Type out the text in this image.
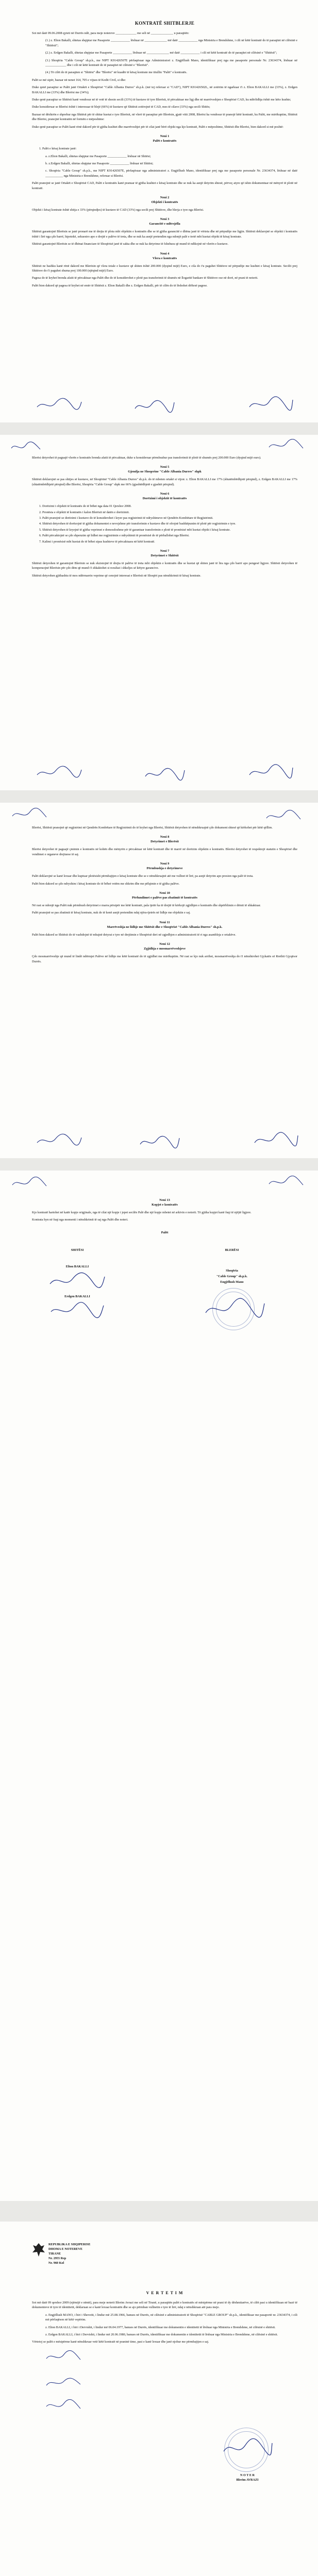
KONTRATË SHITBLERJE

Sot më datë 09.06.2008 qyteti në Durrës ndë, para meje notereve _____________ me seli në ______________ u paraqitën:

(1.) z. Elton Bakalli, shtetas shqiptar me Pasaporte ____________ lëshuar në ______________ më datë ____________ nga Ministria e Brendshme, i cili në këtë kontratë do të paraqitet në cilësinë e "Shitësit";

(2.) z. Erdgen Bakalli, shtetas shqiptar me Pasaporte ____________ lëshuar në ______________ më datë ____________ i cili në këtë kontratë do të paraqitet në cilësinë e "Shitësit";

(3.) Shoqëria "Cable Group" sh.p.k., me NIPT K91426507E përfaqësuar nga Administratori z. Engjëllush Mano, identifikuar prej nga me pasaporte personale Nr. 23634374, lëshuar në _____________ dhe i cili në këtë kontratë do të paraqitet në cilësinë e "Blerësit".

(4.) Të cilët do të paraqiten si "Shitësi" dhe "Blerësi" në kuadër të kësaj kontrate me titullin "Palët" e kontratës.

Palët se më sipër, bazuar në nenet 164, 705 e vijues të Kodit Civil, si dhe:

Duke qenë paraqitur se Palët janë Ortakët e Shoqërisë "Cable Albania Durres" sh.p.k. (më tej referuar si "CAD"), NIPT K91426502L, në zotërim të ngarkuar t'i z. Elton BAKALLI me (33%), z. Erdgen BAKALLI me (33%) dhe Blerësi me (34%);

Duke qenë paraqitur se Shitësit kanë vendosur në të vetë të shesin secili (33%) të kuotave të tyre Blerësit, të përcaktuar me ligj dhe në marrëveshjen e Shoqërisë CAD, ku ndërlidhja është me këto kushte;

Duke konsideruar se Blerësi është i interesuar të blejë (66%) të kuotave që Shitësit zotërojnë të CAD, mes të cilave (33%) nga secili Shitës;

Bazuar në dëshirën e shprehur nga Shitësit për të shitur kuotat e tyre Blerësit, në vlerë të paraqitur për Blerësin, gjatë vitit 2008, Blerësi ka vendosur të pranojë këtë kontratë, ku Palët, me mirëkuptim, Shitësit dhe Blerësi, pranojnë kontratën në formën e mëposhtme:

Duke qenë paraqitur se Palët kanë rënë dakord për të gjitha kushtet dhe marrëveshjet për të cilat janë bërë objekt nga kjo kontratë, Palët e mëposhtme, Shitësit dhe Blerësi, bien dakord si më poshtë:

Neni 1
Palët e kontratës
1. Palët e kësaj kontrate janë:

a. z.Elton Bakalli, shtetas shqiptar me Pasaporte ____________ lëshuar në Shitësi;

b. z.Erdgen Bakalli, shtetas shqiptar me Pasaporte ____________ lëshuar në Shitësi;

c. Shoqëria "Cable Group" sh.p.k., me NIPT K91426507E, përfaqësuar nga administratori z. Engjëllush Mano, identifikuar prej nga me pasaporte personale Nr. 23634374, lëshuar në datë ___________ nga Ministria e Brendshme, referuar si Blerësi.

Palët pranojnë se janë Ortakët e Shoqërisë CAD, Palët e kontratës kanë pranuar të gjitha kushtet e kësaj kontrate dhe se nuk ka asnjë detyrim shtesë, përveç atyre që ishin dokumentuar në mënyrë të plotë në kontratë.

Neni 2
Objekti i kontratës

Objekti i kësaj kontrate është shitja e 33% (përqindjes) të kuotave të CAD (33%) nga secili prej Shitësve, dhe blerja e tyre nga Blerësi.

Neni 3
Garancitë e ndërsjella

Shitësit garantojnë Blerësin se janë pronarë me të drejta të plota mbi objektin e kontratës dhe se të gjitha garancitë e dhëna janë të vërteta dhe në përputhje me ligjin. Shitësit deklarojnë se objekti i kontratës është i lirë nga çdo barrë, hipotekë, sekuestro apo e drejtë e palëve të treta, dhe se nuk ka asnjë pretendim nga ndonjë palë e tretë mbi kuotat objekt të kësaj kontrate.

Shitësit garantojnë Blerësin se të dhënat financiare të Shoqërisë janë të sakta dhe se nuk ka detyrime të fshehura që mund të ndikojnë në vlerën e kuotave.

Neni 4
Vlera e kontratës

Shitësit ne bashku kanë rënë dakord me Blerësin që vlera totale e kuotave që shiten është 200.000 (dyqind mijë) Euro, e cila do t'u paguhet Shitësve në përputhje me kushtet e kësaj kontrate. Secilit prej Shitësve do t'i paguhet shuma prej 100.000 (njëqind mijë) Euro.

Pagesa do të kryhet brenda afatit të përcaktuar nga Palët dhe do të konsiderohet e plotë pas transferimit të shumës në llogaritë bankare të Shitësve ose në dorë, në prani të noterit.

Palët bien dakord që pagesa të kryhet në emër të Shitësit z. Elton Bakalli dhe z. Erdgen Bakalli, për të cilën do të lëshohet dëftesë pagese.

Blerësi detyrohet të paguajë vlerën e kontratës brenda afatit të përcaktuar, duke u konsideruar përmbushur pas transferimit të plotë të shumës prej 200.000 Euro (dyqind mijë euro).

Neni 5
Gjendja ne Shoqerine "Cable Albania Durres" shpk

Shitësit deklarojnë se pas shitjes së kuotave, në Shoqërinë "Cable Albania Durres" sh.p.k. do të mbeten ortakë si vijon: z. Elton BAKALLI me 17% (shtatëmbëdhjetë përqind), z. Erdgen BAKALLI me 17% (shtatëmbëdhjetë përqind) dhe Blerësi, Shoqëria "Cable Group" shpk me 66% (gjashtëdhjetë e gjashtë përqind).

Neni 6
Dorëzimi i objektit të kontratës
1. Dorëzimi i objektit të kontratës do të bëhet nga data 01 Qershor 2008.
2. Pronësia e objektit të kontratës i kalon Blerësit në datën e dorëzimit.
3. Palët pranojnë se dorëzimi i kuotave do të konsiderohet i kryer pas regjistrimit të ndryshimeve në Qendrën Kombëtare të Regjistrimit.
4. Shitësit detyrohen të dorëzojnë të gjitha dokumentet e nevojshme për transferimin e kuotave dhe të ofrojnë bashkëpunim të plotë për regjistrimin e tyre.
5. Shitësit detyrohen të kryejnë të gjitha veprimet e domosdoshme për të garantuar transferimin e plotë të pronësisë mbi kuotat objekt i kësaj kontrate.
6. Palët përcaktojnë se çdo shpenzim që lidhet me regjistrimin e ndryshimit të pronësisë do të përballohet nga Blerësi.
7. Kalimi i pronësisë mbi kuotat do të bëhet sipas kushteve të përcaktuara në këtë kontratë.
Neni 7
Detyrimet e Shitësit

Shitësit detyrohen të garantojnë Blerësin se nuk ekzistojnë të drejta të palëve të treta mbi objektin e kontratës dhe se kuotat që shiten janë të lira nga çdo barrë apo pengesë ligjore. Shitësit detyrohen të kompensojnë Blerësin për çdo dëm që mund t'i shkaktohet si rezultat i shkeljes së këtyre garancive.

Shitësit detyrohen gjithashtu të mos ndërmarrin veprime që cenojnë interesat e Blerësit në Shoqëri pas nënshkrimit të kësaj kontrate.

Blerësi, Shitësit pranojnë që regjistrimi në Qendrën Kombëtare të Regjistrimit do të kryhet nga Blerësi, Shitësit detyrohen të nënshkruajnë çdo dokument shtesë që kërkohet për këtë qëllim.

Neni 8
Detyrimet e Blerësit

Blerësi detyrohet të paguajë çmimin e kontratës në kohën dhe mënyrën e përcaktuar në këtë kontratë dhe të marrë në dorëzim objektin e kontratës. Blerësi detyrohet të respektojë statutin e Shoqërisë dhe vendimet e organeve drejtuese të saj.

Neni 9
Përmbushja e detyrimeve

Palët deklarojnë se kanë lexuar dhe kuptuar plotësisht përmbajtjen e kësaj kontrate dhe se e nënshkruajnë atë me vullnet të lirë, pa asnjë detyrim apo presion nga palë të treta.

Palët bien dakord se çdo ndryshim i kësaj kontrate do të bëhet vetëm me shkrim dhe me pëlqimin e të gjitha palëve.

Neni 10
Përfundimet e palëve pas zbatimit të kontratës

Në rast se ndonjë nga Palët nuk përmbush detyrimet e marra përsipër me këtë kontratë, pala tjetër ka të drejtë të kërkojë zgjidhjen e kontratës dhe shpërblimin e dëmit të shkaktuar.

Palët pranojnë se pas zbatimit të kësaj kontrate, nuk do të kenë asnjë pretendim ndaj njëra-tjetrës në lidhje me objektin e saj.

Neni 11
Marrëveshja ne lidhje me Shitësit dhe e Shoqërisë "Cable Albania Durres" sh.p.k.

Palët bien dakord se Shitësit do të vazhdojnë të mbajnë detyrat e tyre në drejtimin e Shoqërisë deri në zgjedhjen e administratorit të ri nga asambleja e ortakëve.

Neni 12
Zgjidhja e mosmarrëveshjeve

Çdo mosmarrëveshje që mund të lindë ndërmjet Palëve në lidhje me këtë kontratë do të zgjidhet me mirëkuptim. Në rast se kjo nuk arrihet, mosmarrëveshja do t'i nënshtrohet Gjykatës së Rrethit Gjyqësor Durrës.

Neni 13
Kopjet e kontratës

Kjo kontratë hartohet në katër kopje origjinale, nga të cilat një kopje i jepet secilës Palë dhe një kopje mbetet në arkivin e noterit. Të gjitha kopjet kanë fuqi të njëjtë ligjore.

Kontrata hyn në fuqi nga momenti i nënshkrimit të saj nga Palët dhe noteri.

Palët
SHITËSI	BLERËSI
Elton BAKALLI
Shoqëria
"Cable Group" sh.p.k.
Engjëllush Mano
Erdgen BAKALLI
REPUBLIKA E SHQIPERISE
DHOMA E NOTEREVE
TIRANE
Nr. 2955 Rep
Nr. 960 Kol
V E R T E T I M

Sot më datë 09 qershor 2009 (njëmijë e nëntë), para meje noterit Blerim Avrazi me seli në Tiranë, u paraqitën palët e kontratës së mësipërme në prani të dy dëshmitarëve, të cilët pasi u identifikuan në bazë të dokumenteve të tyre të identitetit, deklaruan se e kanë lexuar kontratën dhe se ajo përmban vullnetin e tyre të lirë, ndaj e nënshkruan atë para meje.

z. Engjëllush MANO, i biri i Shevetit, i lindur më 25.08.1966, banues në Durrës, në cilësinë e administratorit të Shoqërisë "CABLE GROUP" sh.p.k., identifikuar me pasaportë nr. 23634374, i cili më përfaqëson në këtë vepërim.

z. Elton BAKALLI, i biri i Dervishit, i lindur më 06.04.1977, banues në Durrës, identifikuar me dokumentin e identitetit të lëshuar nga Ministria e Brendshme, në cilësinë e shitësit.

z. Erdgen BAKALLI, i biri i Dervishit, i lindur më 20.06.1980, banues në Durrës, identifikuar me dokumentin e identitetit të lëshuar nga Ministria e Brendshme, në cilësinë e shitësit.

Vërtetoj se palët e mësipërme kanë nënshkruar vetë këtë kontratë në praninë time, pasi e kanë lexuar dhe janë njohur me përmbajtjen e saj.

N O T E R
Blerim AVRAZI
